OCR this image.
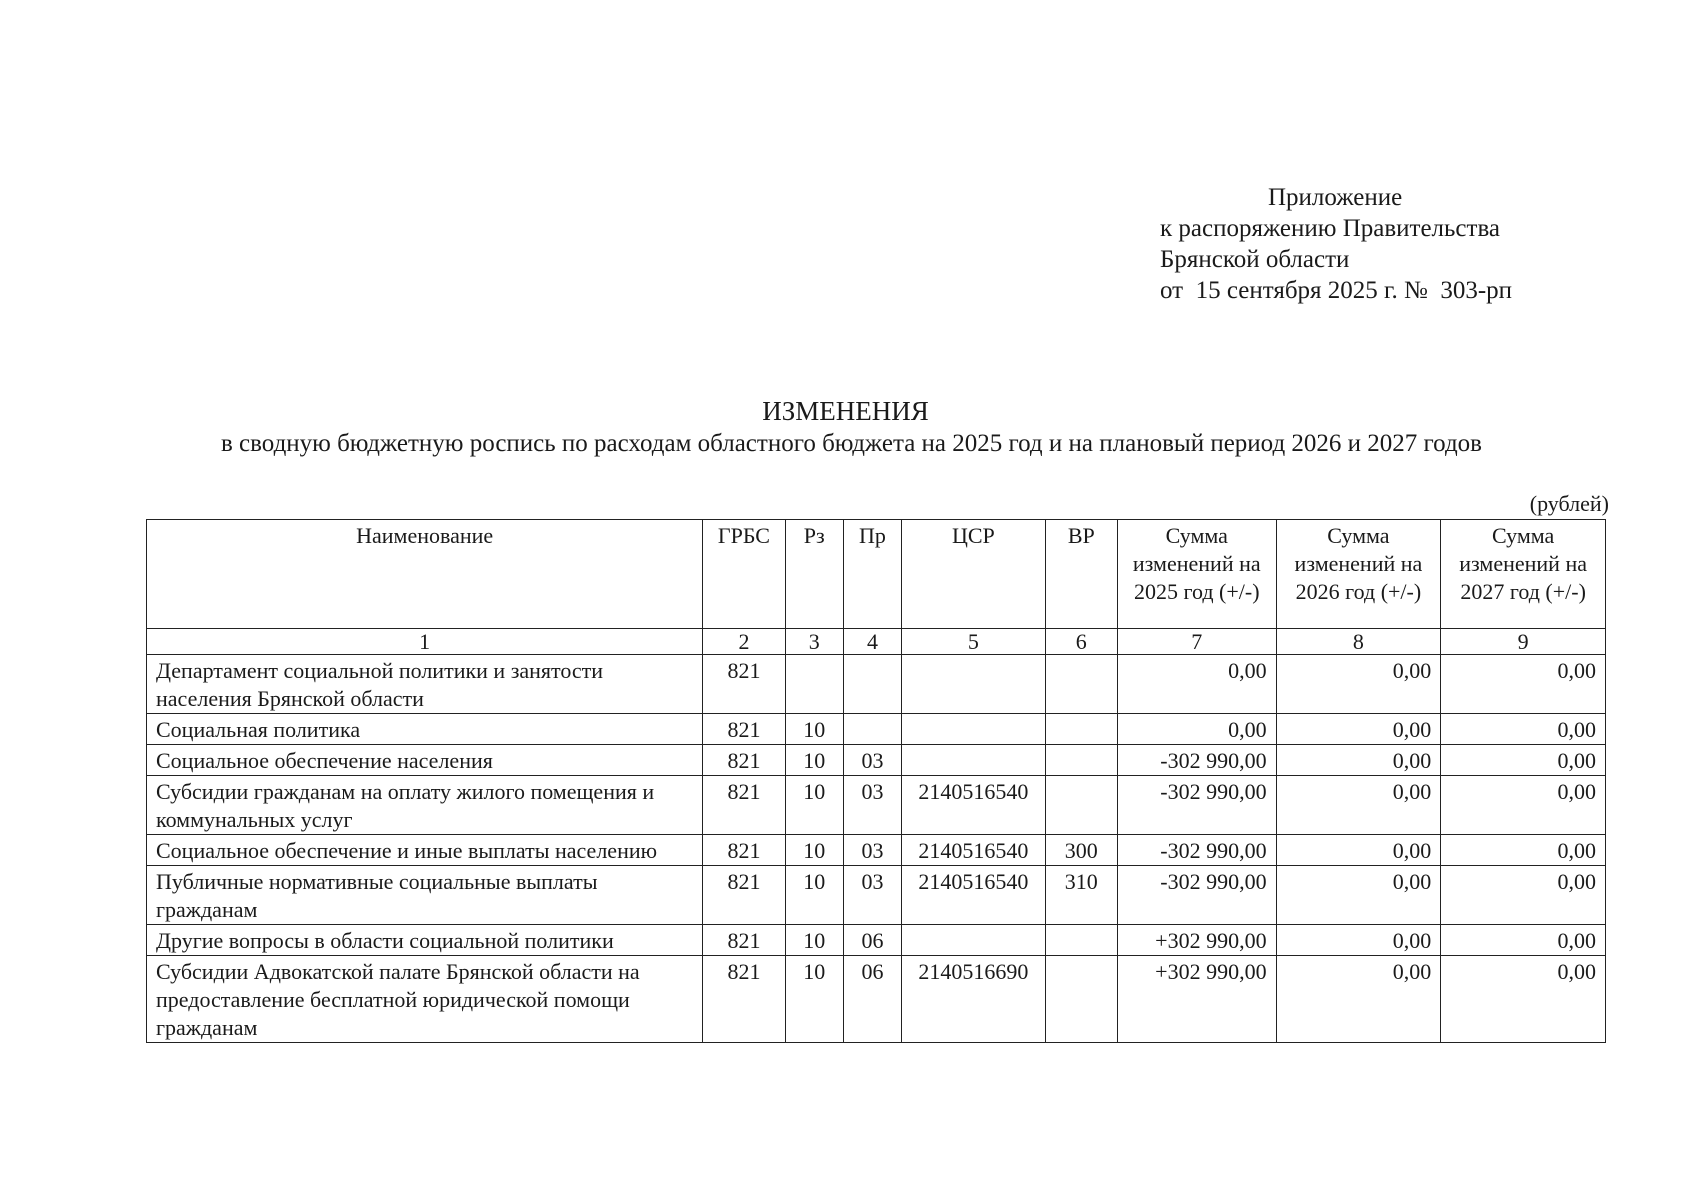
Приложение
к распоряжению Правительства
Брянской области
от  15 сентября 2025 г. №  303-рп
ИЗМЕНЕНИЯ
в сводную бюджетную роспись по расходам областного бюджета на 2025 год и на плановый период 2026 и 2027 годов
(рублей)
Наименование	ГРБС	Рз	Пр	ЦСР	ВР	Сумма изменений на 2025 год (+/-)	Сумма изменений на 2026 год (+/-)	Сумма изменений на 2027 год (+/-)
1	2	3	4	5	6	7	8	9
Департамент социальной политики и занятости населения Брянской области	821					0,00	0,00	0,00
Социальная политика	821	10				0,00	0,00	0,00
Социальное обеспечение населения	821	10	03			-302 990,00	0,00	0,00
Субсидии гражданам на оплату жилого помещения и коммунальных услуг	821	10	03	2140516540		-302 990,00	0,00	0,00
Социальное обеспечение и иные выплаты населению	821	10	03	2140516540	300	-302 990,00	0,00	0,00
Публичные нормативные социальные выплаты гражданам	821	10	03	2140516540	310	-302 990,00	0,00	0,00
Другие вопросы в области социальной политики	821	10	06			+302 990,00	0,00	0,00
Субсидии Адвокатской палате Брянской области на предоставление бесплатной юридической помощи гражданам	821	10	06	2140516690		+302 990,00	0,00	0,00
